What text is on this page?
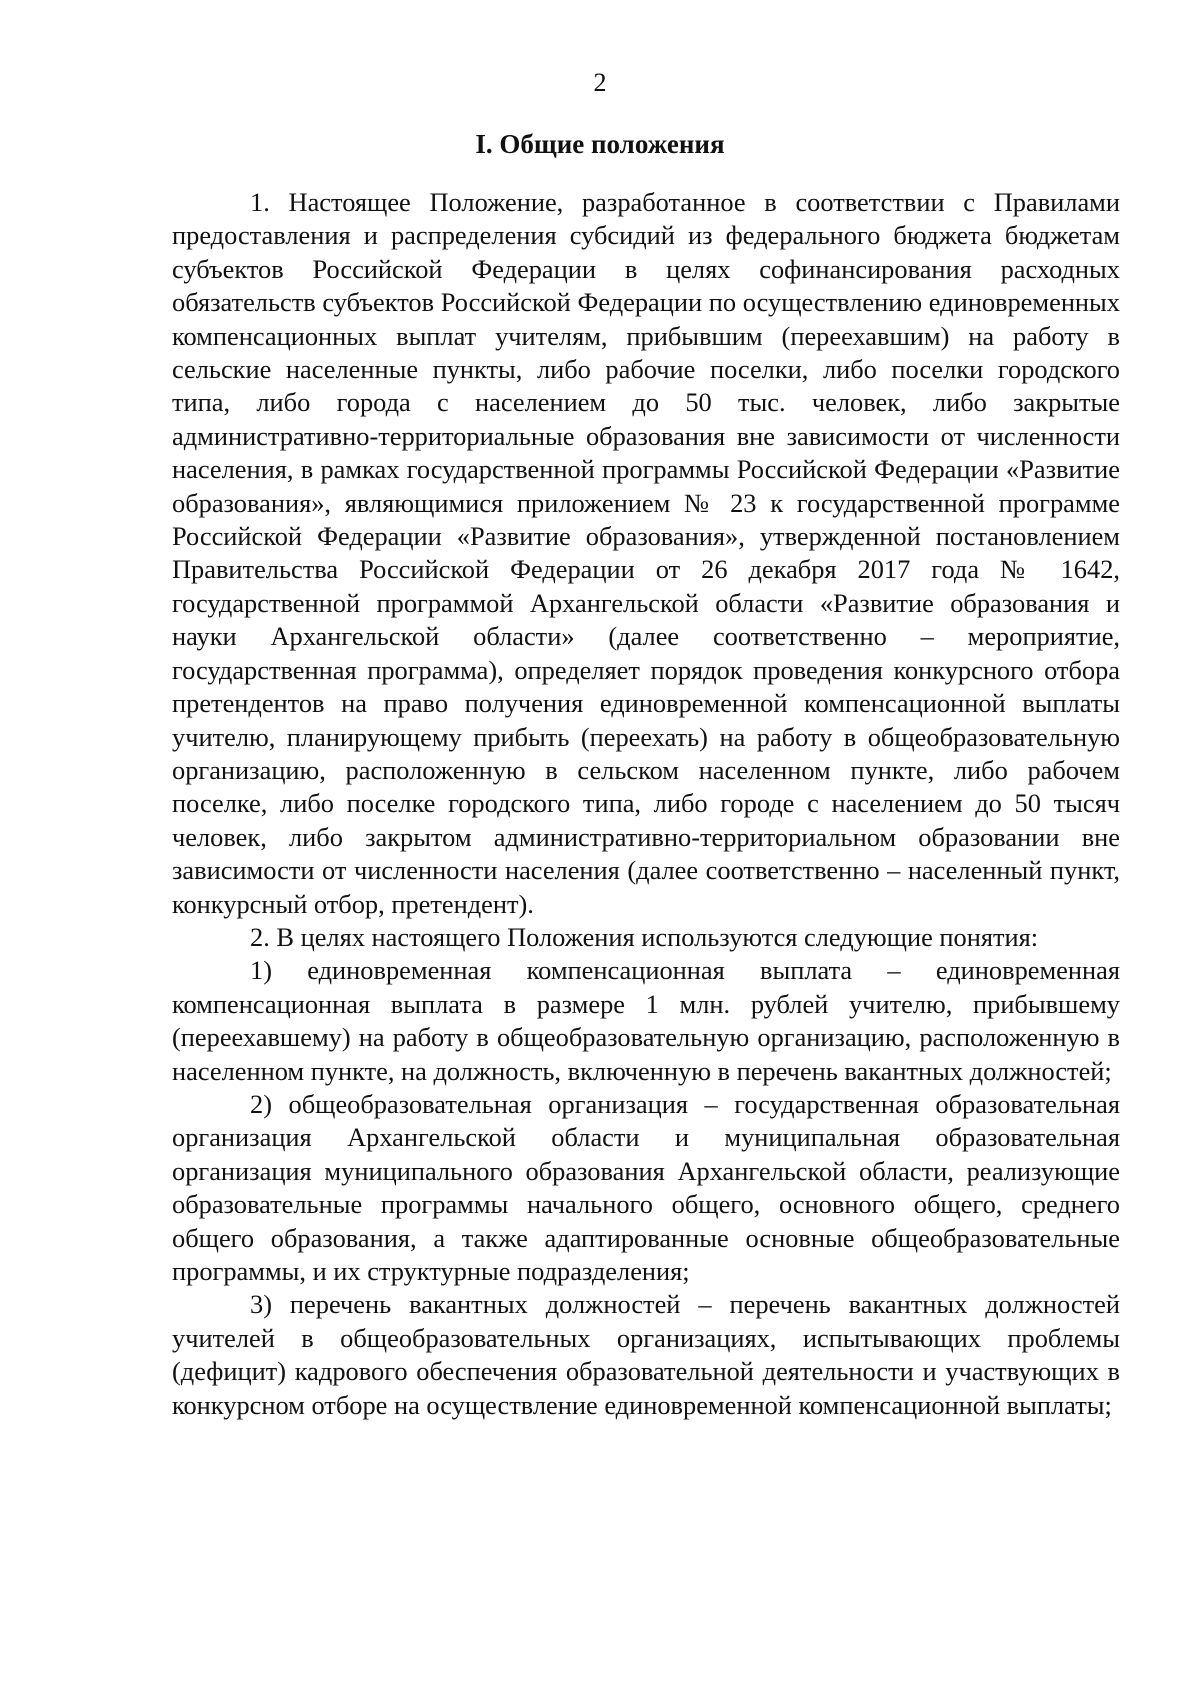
2
I. Общие положения

1. Настоящее Положение, разработанное в соответствии с Правилами предоставления и распределения субсидий из федерального бюджета бюджетам субъектов Российской Федерации в целях софинансирования расходных обязательств субъектов Российской Федерации по осуществлению единовременных компенсационных выплат учителям, прибывшим (переехавшим) на работу в сельские населенные пункты, либо рабочие поселки, либо поселки городского типа, либо города с населением до 50 тыс. человек, либо закрытые административно-территориальные образования вне зависимости от численности населения, в рамках государственной программы Российской Федерации «Развитие образования», являющимися приложением № 23 к государственной программе Российской Федерации «Развитие образования», утвержденной постановлением Правительства Российской Федерации от 26 декабря 2017 года № 1642, государственной программой Архангельской области «Развитие образования и науки Архангельской области» (далее соответственно – мероприятие, государственная программа), определяет порядок проведения конкурсного отбора претендентов на право получения единовременной компенсационной выплаты учителю, планирующему прибыть (переехать) на работу в общеобразовательную организацию, расположенную в сельском населенном пункте, либо рабочем поселке, либо поселке городского типа, либо городе с населением до 50 тысяч человек, либо закрытом административно-территориальном образовании вне зависимости от численности населения (далее соответственно – населенный пункт, конкурсный отбор, претендент).

2. В целях настоящего Положения используются следующие понятия:

1) единовременная компенсационная выплата – единовременная компенсационная выплата в размере 1 млн. рублей учителю, прибывшему (переехавшему) на работу в общеобразовательную организацию, расположенную в населенном пункте, на должность, включенную в перечень вакантных должностей;

2) общеобразовательная организация – государственная образовательная организация Архангельской области и муниципальная образовательная организация муниципального образования Архангельской области, реализующие образовательные программы начального общего, основного общего, среднего общего образования, а также адаптированные основные общеобразовательные программы, и их структурные подразделения;

3) перечень вакантных должностей – перечень вакантных должностей учителей в общеобразовательных организациях, испытывающих проблемы (дефицит) кадрового обеспечения образовательной деятельности и участвующих в конкурсном отборе на осуществление единовременной компенсационной выплаты;
